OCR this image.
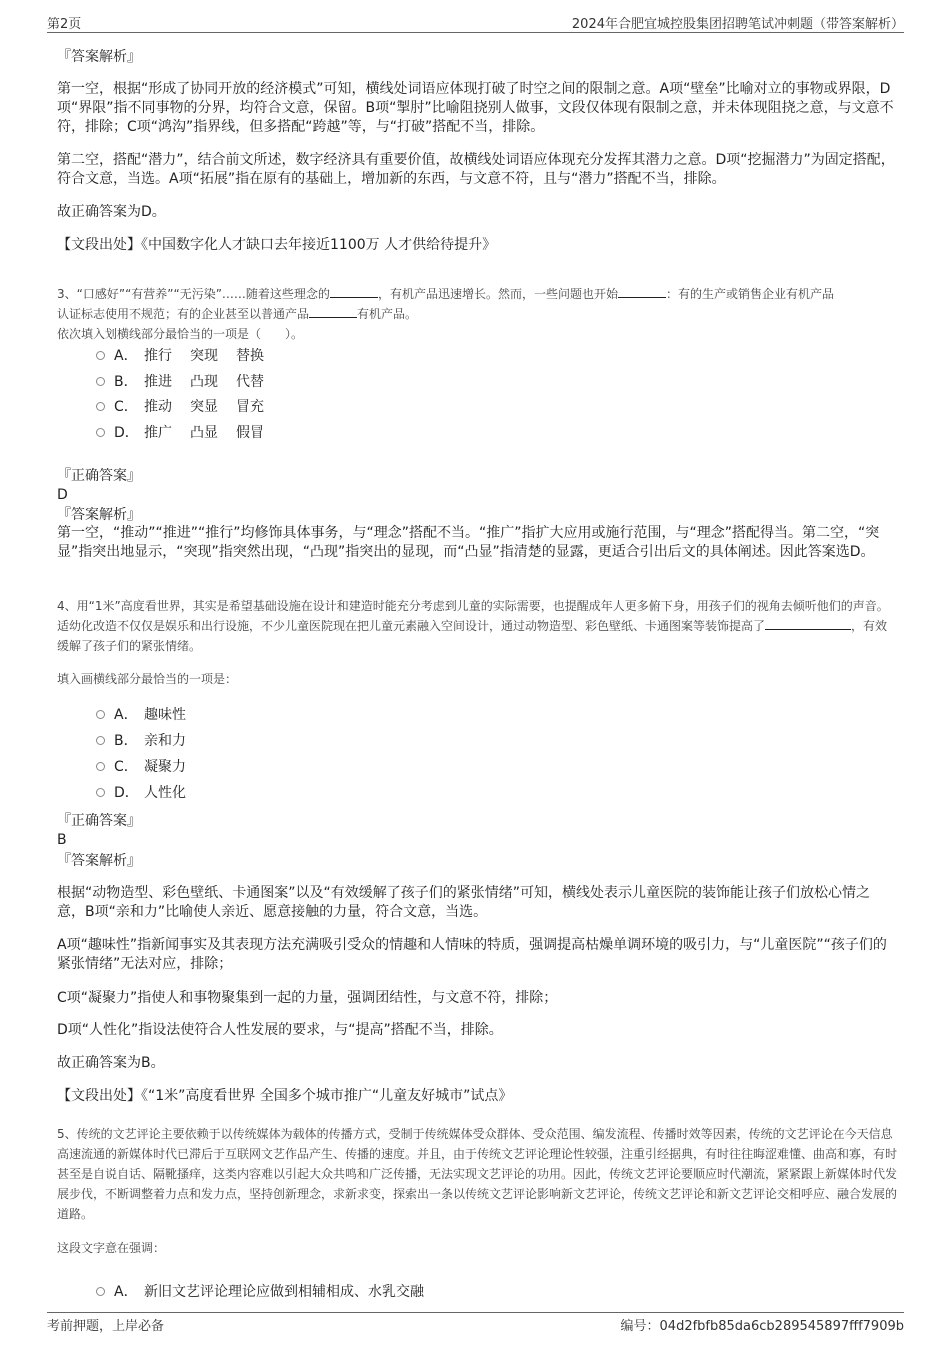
第2页	2024年合肥宜城控股集团招聘笔试冲刺题（带答案解析）

『答案解析』

第一空，根据“形成了协同开放的经济模式”可知，横线处词语应体现打破了时空之间的限制之意。A项“壁垒”比喻对立的事物或界限，D项“界限”指不同事物的分界，均符合文意，保留。B项“掣肘”比喻阻挠别人做事，文段仅体现有限制之意，并未体现阻挠之意，与文意不符，排除；C项“鸿沟”指界线，但多搭配“跨越”等，与“打破”搭配不当，排除。

第二空，搭配“潜力”，结合前文所述，数字经济具有重要价值，故横线处词语应体现充分发挥其潜力之意。D项“挖掘潜力”为固定搭配，符合文意，当选。A项“拓展”指在原有的基础上，增加新的东西，与文意不符，且与“潜力”搭配不当，排除。

故正确答案为D。

【文段出处】《中国数字化人才缺口去年接近1100万 人才供给待提升》

3、“口感好”“有营养”“无污染”……随着这些理念的	，有机产品迅速增长。然而，一些问题也开始	：有的生产或销售企业有机产品
认证标志使用不规范；有的企业甚至以普通产品	有机产品。
依次填入划横线部分最恰当的一项是（　　）。
A． 推行 突现 替换
B． 推进 凸现 代替
C． 推动 突显 冒充
D． 推广 凸显 假冒

『正确答案』

D

『答案解析』

第一空，“推动”“推进”“推行”均修饰具体事务，与“理念”搭配不当。“推广”指扩大应用或施行范围，与“理念”搭配得当。第二空，“突显”指突出地显示，“突现”指突然出现，“凸现”指突出的显现，而“凸显”指清楚的显露，更适合引出后文的具体阐述。因此答案选D。

4、用“1米”高度看世界，其实是希望基础设施在设计和建造时能充分考虑到儿童的实际需要，也提醒成年人更多俯下身，用孩子们的视角去倾听他们的声音。适幼化改造不仅仅是娱乐和出行设施，不少儿童医院现在把儿童元素融入空间设计，通过动物造型、彩色壁纸、卡通图案等装饰提高了	，有效缓解了孩子们的紧张情绪。

填入画横线部分最恰当的一项是：

A． 趣味性
B． 亲和力
C． 凝聚力
D． 人性化

『正确答案』

B

『答案解析』

根据“动物造型、彩色壁纸、卡通图案”以及“有效缓解了孩子们的紧张情绪”可知，横线处表示儿童医院的装饰能让孩子们放松心情之意，B项“亲和力”比喻使人亲近、愿意接触的力量，符合文意，当选。

A项“趣味性”指新闻事实及其表现方法充满吸引受众的情趣和人情味的特质，强调提高枯燥单调环境的吸引力，与“儿童医院”“孩子们的紧张情绪”无法对应，排除；

C项“凝聚力”指使人和事物聚集到一起的力量，强调团结性，与文意不符，排除；

D项“人性化”指设法使符合人性发展的要求，与“提高”搭配不当，排除。

故正确答案为B。

【文段出处】《“1米”高度看世界 全国多个城市推广“儿童友好城市”试点》

5、传统的文艺评论主要依赖于以传统媒体为载体的传播方式，受制于传统媒体受众群体、受众范围、编发流程、传播时效等因素，传统的文艺评论在今天信息高速流通的新媒体时代已滞后于互联网文艺作品产生、传播的速度。并且，由于传统文艺评论理论性较强，注重引经据典，有时往往晦涩难懂、曲高和寡，有时甚至是自说自话、隔靴搔痒，这类内容难以引起大众共鸣和广泛传播，无法实现文艺评论的功用。因此，传统文艺评论要顺应时代潮流，紧紧跟上新媒体时代发展步伐，不断调整着力点和发力点，坚持创新理念，求新求变，探索出一条以传统文艺评论影响新文艺评论，传统文艺评论和新文艺评论交相呼应、融合发展的道路。

这段文字意在强调：

A． 新旧文艺评论理论应做到相辅相成、水乳交融
考前押题，上岸必备	编号：04d2fbfb85da6cb289545897fff7909b
